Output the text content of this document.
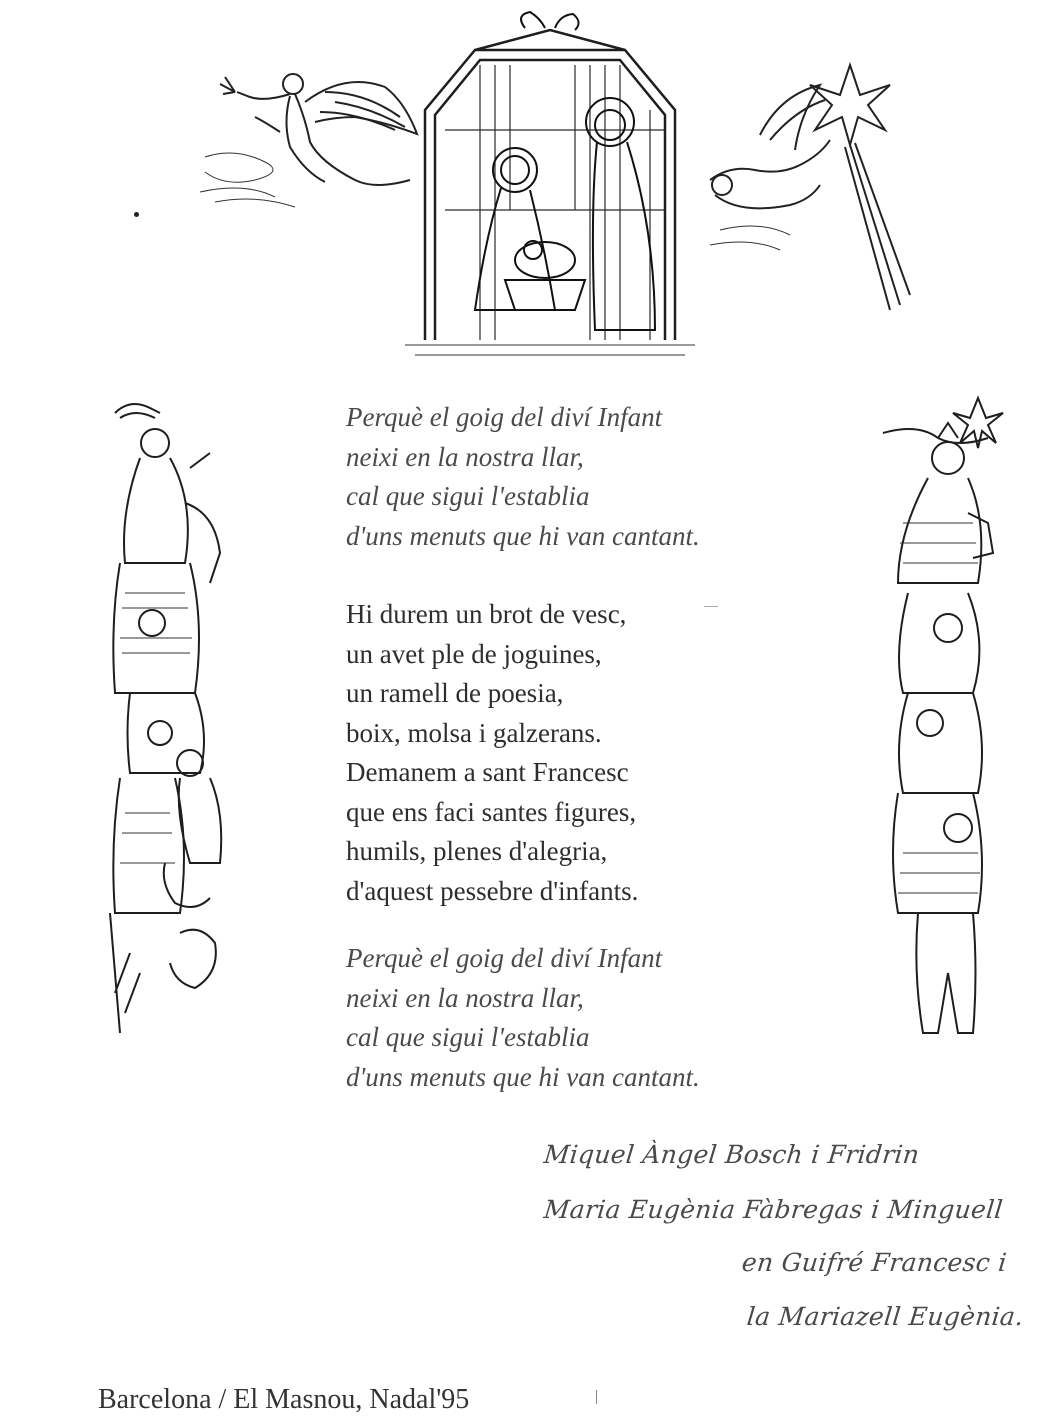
Perquè el goig del diví Infant
neixi en la nostra llar,
cal que sigui l'establia
d'uns menuts que hi van cantant.
Hi durem un brot de vesc,
un avet ple de joguines,
un ramell de poesia,
boix, molsa i galzerans.
Demanem a sant Francesc
que ens faci santes figures,
humils, plenes d'alegria,
d'aquest pessebre d'infants.
Perquè el goig del diví Infant
neixi en la nostra llar,
cal que sigui l'establia
d'uns menuts que hi van cantant.
Miquel Àngel Bosch i Fridrin
Maria Eugènia Fàbregas i Minguell
en Guifré Francesc i
la Mariazell Eugènia.
Barcelona / El Masnou, Nadal'95
